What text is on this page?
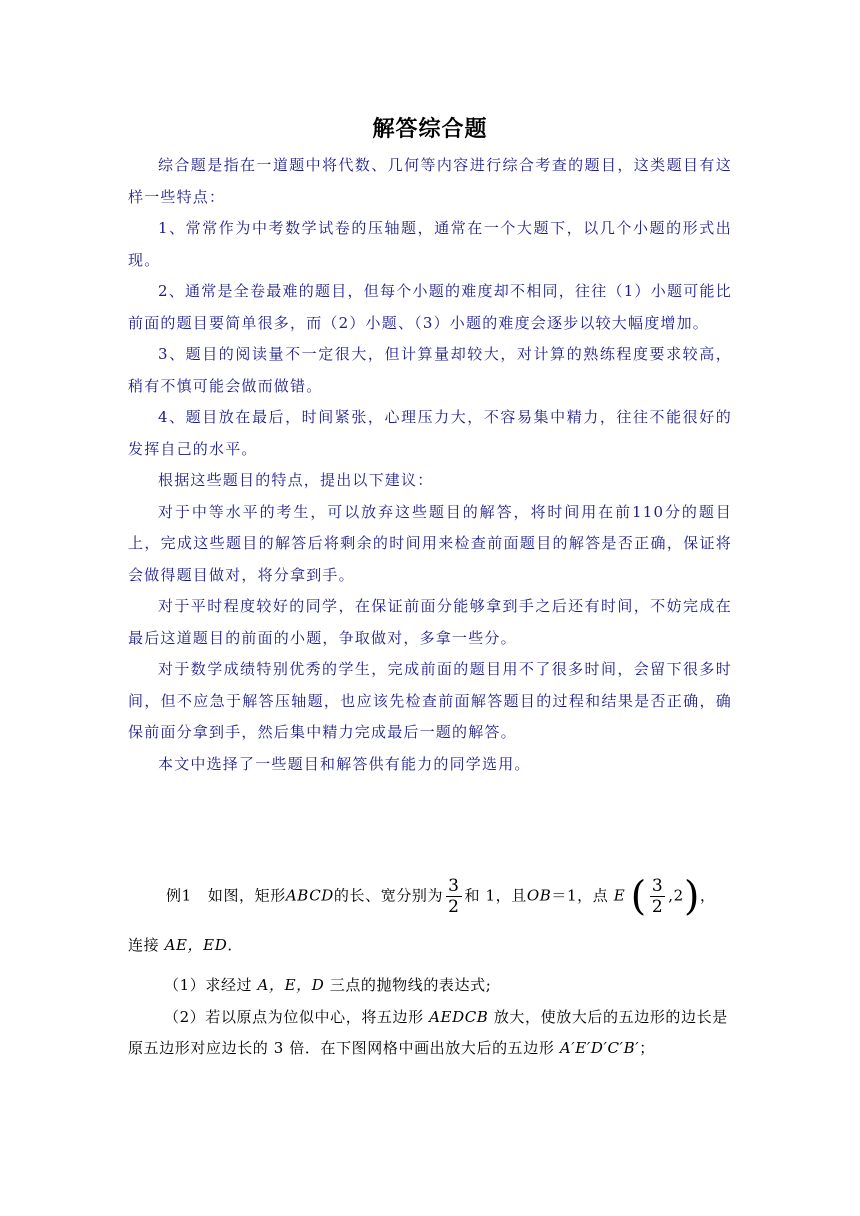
解答综合题

综合题是指在一道题中将代数、几何等内容进行综合考查的题目，这类题目有这样一些特点：

1、常常作为中考数学试卷的压轴题，通常在一个大题下，以几个小题的形式出现。

2、通常是全卷最难的题目，但每个小题的难度却不相同，往往（1）小题可能比前面的题目要简单很多，而（2）小题、（3）小题的难度会逐步以较大幅度增加。

3、题目的阅读量不一定很大，但计算量却较大，对计算的熟练程度要求较高，稍有不慎可能会做而做错。

4、题目放在最后，时间紧张，心理压力大，不容易集中精力，往往不能很好的发挥自己的水平。

根据这些题目的特点，提出以下建议：

对于中等水平的考生，可以放弃这些题目的解答，将时间用在前110分的题目上，完成这些题目的解答后将剩余的时间用来检查前面题目的解答是否正确，保证将会做得题目做对，将分拿到手。

对于平时程度较好的同学，在保证前面分能够拿到手之后还有时间，不妨完成在最后这道题目的前面的小题，争取做对，多拿一些分。

对于数学成绩特别优秀的学生，完成前面的题目用不了很多时间，会留下很多时间，但不应急于解答压轴题，也应该先检查前面解答题目的过程和结果是否正确，确保前面分拿到手，然后集中精力完成最后一题的解答。

本文中选择了一些题目和解答供有能力的同学选用。

例1 如图，矩形ABCD的长、宽分别为 $\frac{3}{2}$ 和 1，且OB＝1，点 E ( $\frac{3}{2} ,2$)，
连接 AE，ED．

（1）求经过 A，E，D 三点的抛物线的表达式;

（2）若以原点为位似中心，将五边形 AEDCB 放大，使放大后的五边形的边长是原五边形对应边长的 3 倍．在下图网格中画出放大后的五边形 A′E′D′C′B′；
